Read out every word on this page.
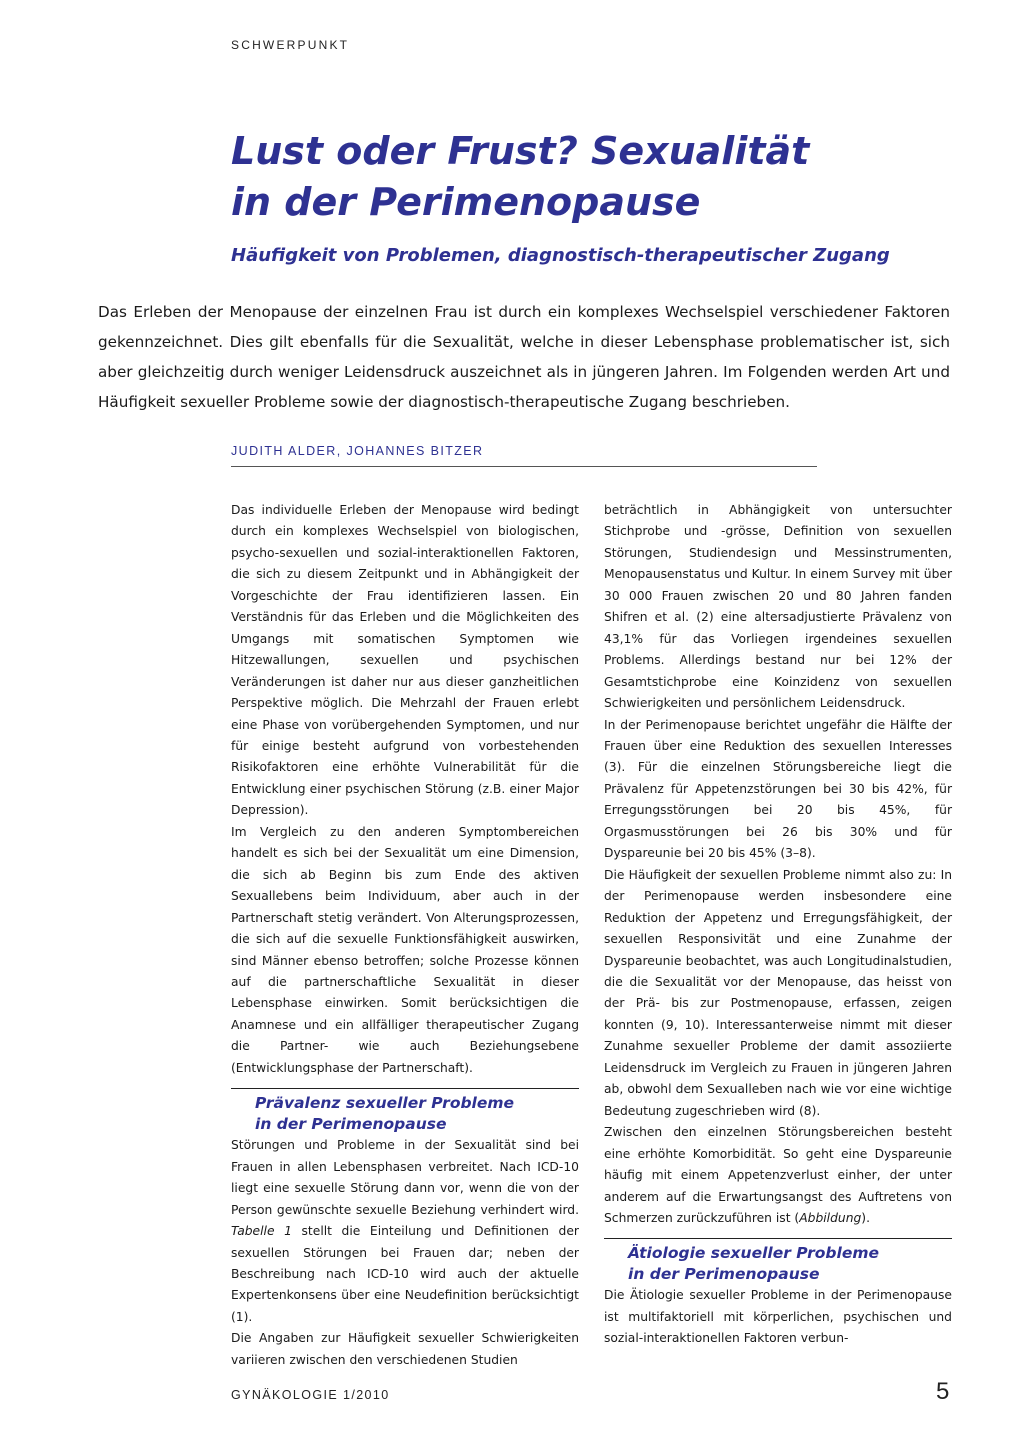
SCHWERPUNKT
Lust oder Frust? Sexualität
in der Perimenopause
Häufigkeit von Problemen, diagnostisch-therapeutischer Zugang

Das Erleben der Menopause der einzelnen Frau ist durch ein komplexes Wechselspiel verschiedener Faktoren gekennzeichnet. Dies gilt ebenfalls für die Sexualität, welche in dieser Lebensphase problematischer ist, sich aber gleichzeitig durch weniger Leidensdruck auszeichnet als in jüngeren Jahren. Im Folgenden werden Art und Häufigkeit sexueller Probleme sowie der diagnostisch-therapeutische Zugang beschrieben.

JUDITH ALDER, JOHANNES BITZER

Das individuelle Erleben der Menopause wird bedingt durch ein komplexes Wechselspiel von biologischen, psycho-sexuellen und sozial-interaktionellen Faktoren, die sich zu diesem Zeitpunkt und in Abhängigkeit der Vorgeschichte der Frau identifizieren lassen. Ein Verständnis für das Erleben und die Möglichkeiten des Umgangs mit somatischen Symptomen wie Hitzewallungen, sexuellen und psychischen Veränderungen ist daher nur aus dieser ganzheitlichen Perspektive möglich. Die Mehrzahl der Frauen erlebt eine Phase von vorübergehenden Symptomen, und nur für einige besteht aufgrund von vorbestehenden Risikofaktoren eine erhöhte Vulnerabilität für die Entwicklung einer psychischen Störung (z.B. einer Major Depression).

Im Vergleich zu den anderen Symptombereichen handelt es sich bei der Sexualität um eine Dimension, die sich ab Beginn bis zum Ende des aktiven Sexuallebens beim Individuum, aber auch in der Partnerschaft stetig verändert. Von Alterungsprozessen, die sich auf die sexuelle Funktionsfähigkeit auswirken, sind Männer ebenso betroffen; solche Prozesse können auf die partnerschaftliche Sexualität in dieser Lebensphase einwirken. Somit berücksichtigen die Anamnese und ein allfälliger therapeutischer Zugang die Partner- wie auch Beziehungsebene (Entwicklungsphase der Partnerschaft).

Prävalenz sexueller Probleme
in der Perimenopause

Störungen und Probleme in der Sexualität sind bei Frauen in allen Lebensphasen verbreitet. Nach ICD-10 liegt eine sexuelle Störung dann vor, wenn die von der Person gewünschte sexuelle Beziehung verhindert wird. Tabelle 1 stellt die Einteilung und Definitionen der sexuellen Störungen bei Frauen dar; neben der Beschreibung nach ICD-10 wird auch der aktuelle Expertenkonsens über eine Neudefinition berücksichtigt (1).

Die Angaben zur Häufigkeit sexueller Schwierigkeiten variieren zwischen den verschiedenen Studien

beträchtlich in Abhängigkeit von untersuchter Stichprobe und -grösse, Definition von sexuellen Störungen, Studiendesign und Messinstrumenten, Menopausenstatus und Kultur. In einem Survey mit über 30 000 Frauen zwischen 20 und 80 Jahren fanden Shifren et al. (2) eine altersadjustierte Prävalenz von 43,1% für das Vorliegen irgendeines sexuellen Problems. Allerdings bestand nur bei 12% der Gesamtstichprobe eine Koinzidenz von sexuellen Schwierigkeiten und persönlichem Leidensdruck.

In der Perimenopause berichtet ungefähr die Hälfte der Frauen über eine Reduktion des sexuellen Interesses (3). Für die einzelnen Störungsbereiche liegt die Prävalenz für Appetenzstörungen bei 30 bis 42%, für Erregungsstörungen bei 20 bis 45%, für Orgasmusstörungen bei 26 bis 30% und für Dyspareunie bei 20 bis 45% (3–8).

Die Häufigkeit der sexuellen Probleme nimmt also zu: In der Perimenopause werden insbesondere eine Reduktion der Appetenz und Erregungsfähigkeit, der sexuellen Responsivität und eine Zunahme der Dyspareunie beobachtet, was auch Longitudinalstudien, die die Sexualität vor der Menopause, das heisst von der Prä- bis zur Postmenopause, erfassen, zeigen konnten (9, 10). Interessanterweise nimmt mit dieser Zunahme sexueller Probleme der damit assoziierte Leidensdruck im Vergleich zu Frauen in jüngeren Jahren ab, obwohl dem Sexualleben nach wie vor eine wichtige Bedeutung zugeschrieben wird (8).

Zwischen den einzelnen Störungsbereichen besteht eine erhöhte Komorbidität. So geht eine Dyspareunie häufig mit einem Appetenzverlust einher, der unter anderem auf die Erwartungsangst des Auftretens von Schmerzen zurückzuführen ist (Abbildung).

Ätiologie sexueller Probleme
in der Perimenopause

Die Ätiologie sexueller Probleme in der Perimenopause ist multifaktoriell mit körperlichen, psychischen und sozial-interaktionellen Faktoren verbun-

GYNÄKOLOGIE 1/2010	5
